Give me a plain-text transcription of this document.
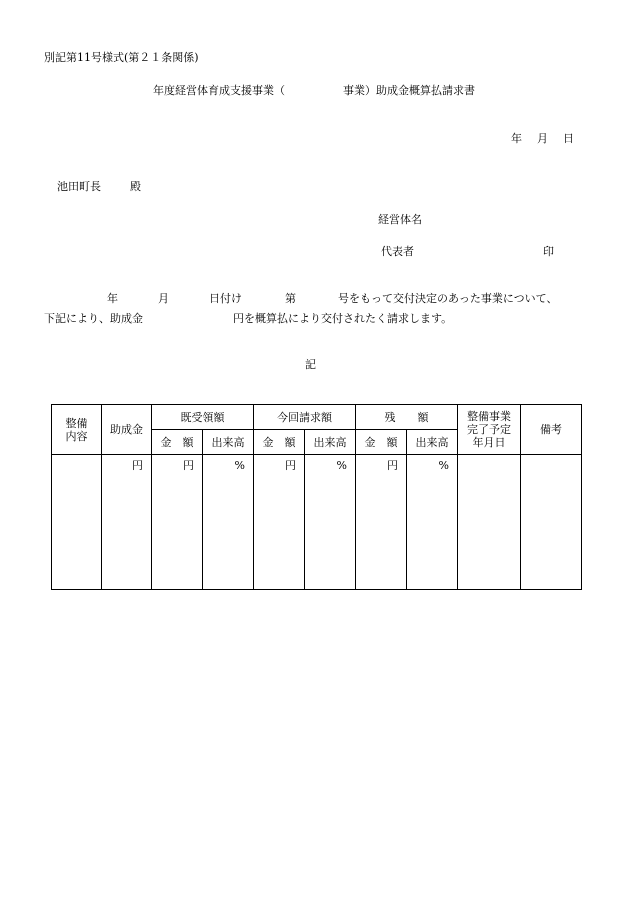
別記第11号様式(第２１条関係)
年度経営体育成支援事業（	事業）助成金概算払請求書
年 月 日
池田町長	殿
経営体名
代表者	印
年	月	日付け	第	号をもって交付決定のあった事業について、
下記により、助成金	円を概算払により交付されたく請求します。
記
整備
内容	助成金	既受領額		今回請求額		残　　額		整備事業
完了予定
年月日	備考
		金　額	出来高	金　額	出来高	金　額	出来高		

	円	円	%	円	%	円	%		
